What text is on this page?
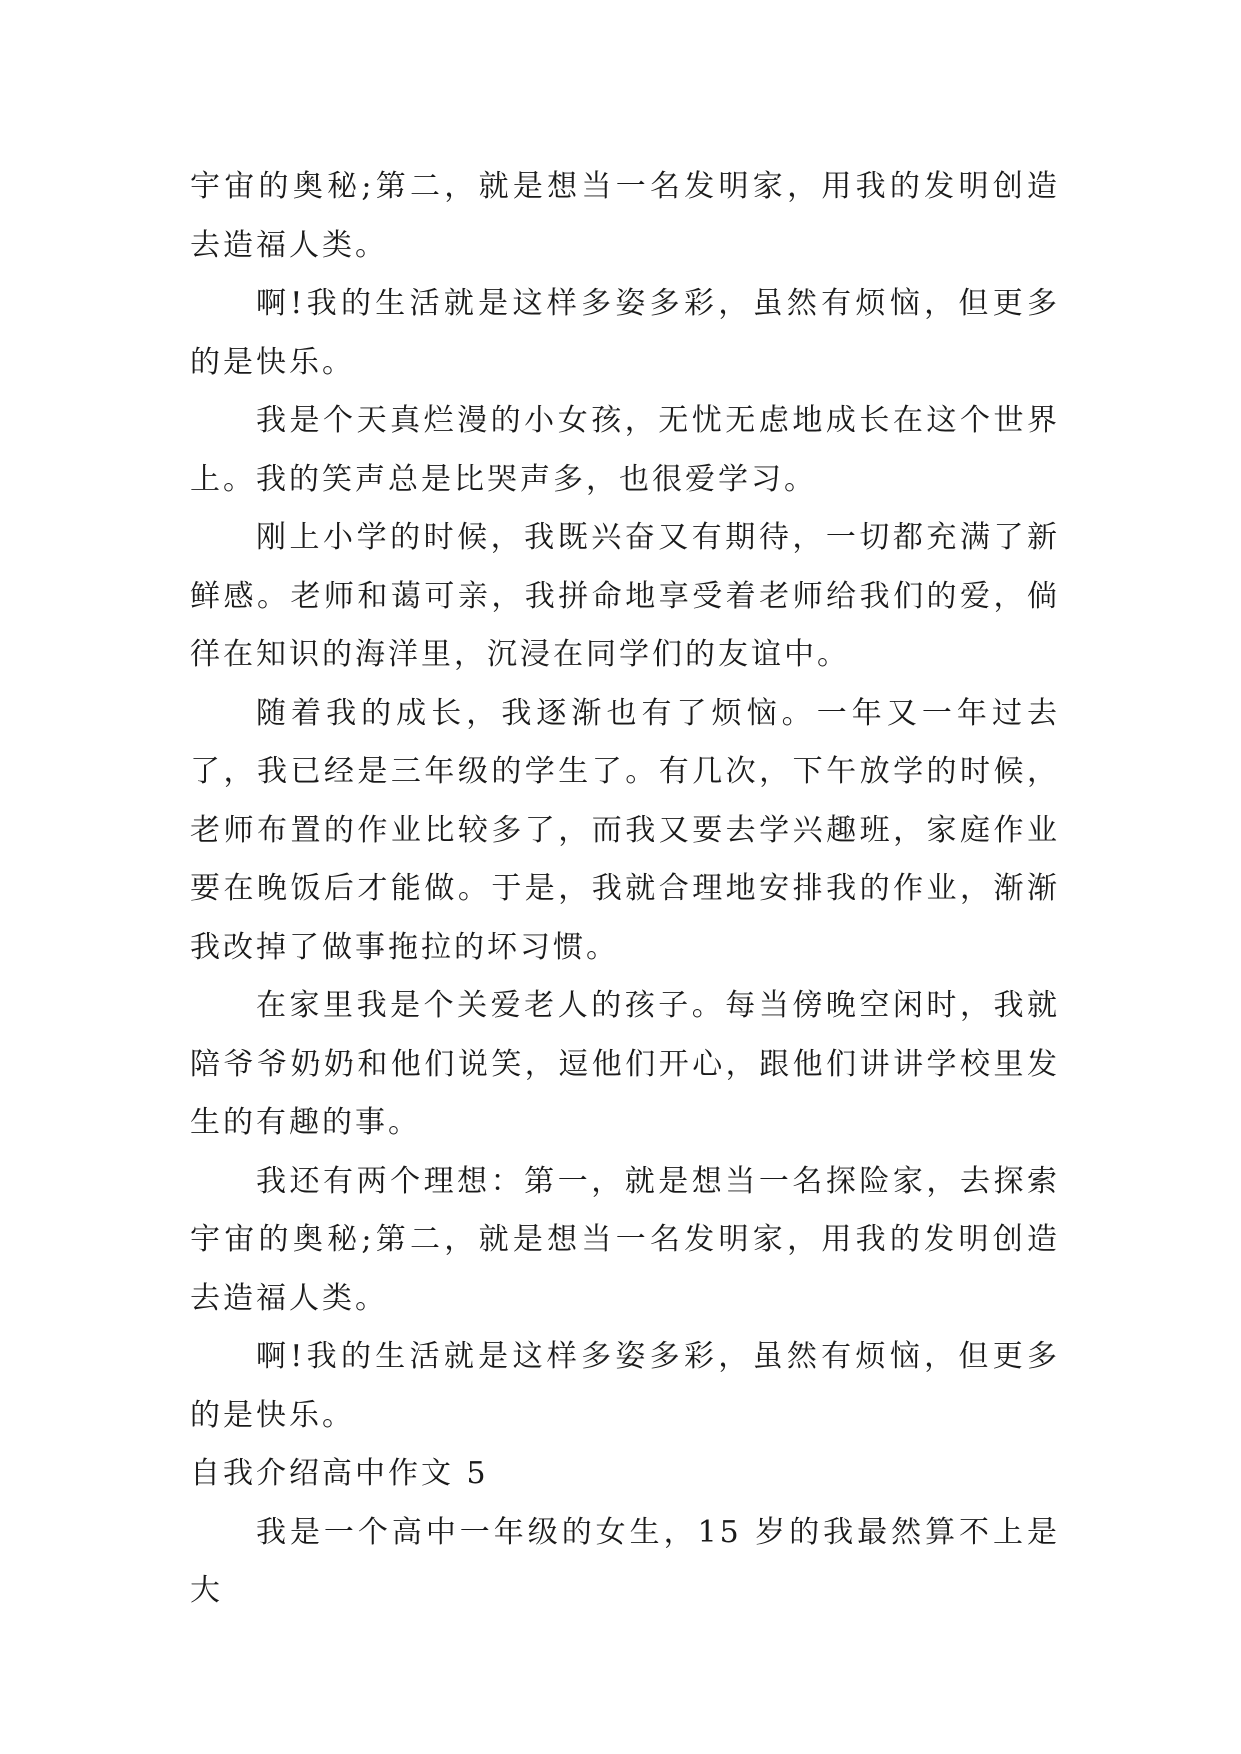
宇宙的奥秘;第二，就是想当一名发明家，用我的发明创造去造福人类。

啊!我的生活就是这样多姿多彩，虽然有烦恼，但更多的是快乐。

我是个天真烂漫的小女孩，无忧无虑地成长在这个世界上。我的笑声总是比哭声多，也很爱学习。

刚上小学的时候，我既兴奋又有期待，一切都充满了新鲜感。老师和蔼可亲，我拼命地享受着老师给我们的爱，倘徉在知识的海洋里，沉浸在同学们的友谊中。

随着我的成长，我逐渐也有了烦恼。一年又一年过去了，我已经是三年级的学生了。有几次，下午放学的时候，老师布置的作业比较多了，而我又要去学兴趣班，家庭作业要在晚饭后才能做。于是，我就合理地安排我的作业，渐渐我改掉了做事拖拉的坏习惯。

在家里我是个关爱老人的孩子。每当傍晚空闲时，我就陪爷爷奶奶和他们说笑，逗他们开心，跟他们讲讲学校里发生的有趣的事。

我还有两个理想：第一，就是想当一名探险家，去探索宇宙的奥秘;第二，就是想当一名发明家，用我的发明创造去造福人类。

啊!我的生活就是这样多姿多彩，虽然有烦恼，但更多的是快乐。

自我介绍高中作文 5

我是一个高中一年级的女生，15 岁的我最然算不上是大
